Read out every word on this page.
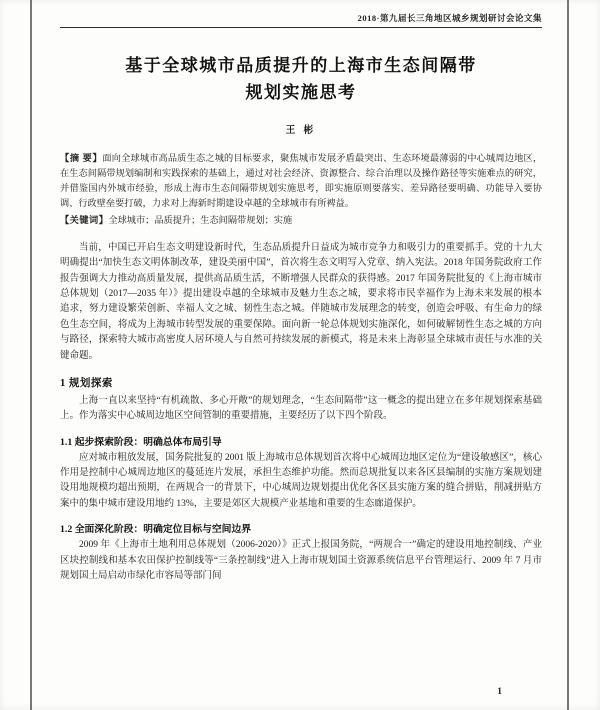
2018·第九届长三角地区城乡规划研讨会论文集
基于全球城市品质提升的上海市生态间隔带
规划实施思考
王 彬

【摘 要】面向全球城市高品质生态之城的目标要求，聚焦城市发展矛盾最突出、生态环境最薄弱的中心城周边地区，在生态间隔带规划编制和实践探索的基础上，通过对社会经济、资源整合、综合治理以及操作路径等实施难点的研究，并借鉴国内外城市经验，形成上海市生态间隔带规划实施思考，即实施原则要落实、差异路径要明确、功能导入要协调、行政壁垒要打破，力求对上海新时期建设卓越的全球城市有所裨益。

【关键词】全球城市；品质提升；生态间隔带规划；实施

当前，中国已开启生态文明建设新时代，生态品质提升日益成为城市竞争力和吸引力的重要抓手。党的十九大明确提出“加快生态文明体制改革，建设美丽中国”，首次将生态文明写入党章、纳入宪法。2018 年国务院政府工作报告强调大力推动高质量发展，提供高品质生活，不断增强人民群众的获得感。2017 年国务院批复的《上海市城市总体规划（2017—2035 年）》提出建设卓越的全球城市及魅力生态之城，要求将市民幸福作为上海未来发展的根本追求，努力建设繁荣创新、幸福人文之城、韧性生态之城。伴随城市发展理念的转变，创造会呼吸、有生命力的绿色生态空间，将成为上海城市转型发展的重要保障。面向新一轮总体规划实施深化，如何破解韧性生态之城的方向与路径，探索特大城市高密度人居环境人与自然可持续发展的新模式，将是未来上海彰显全球城市责任与水准的关键命题。

1 规划探索

上海一直以来坚持“有机疏散、多心开敞”的规划理念，“生态间隔带”这一概念的提出建立在多年规划探索基础上。作为落实中心城周边地区空间管制的重要措施，主要经历了以下四个阶段。

1.1 起步探索阶段：明确总体布局引导

应对城市粗放发展，国务院批复的 2001 版上海城市总体规划首次将中心城周边地区定位为“建设敏感区”，核心作用是控制中心城周边地区的蔓延连片发展，承担生态维护功能。然而总规批复以来各区县编制的实施方案规划建设用地规模均超出预期，在两规合一的背景下，中心城周边规划提出优化各区县实施方案的缝合拼贴，削减拼贴方案中的集中城市建设用地约 13%，主要是郊区大规模产业基地和重要的生态廊道保护。

1.2 全面深化阶段：明确定位目标与空间边界

2009 年《上海市土地利用总体规划（2006-2020）》正式上报国务院，“两规合一”确定的建设用地控制线、产业区块控制线和基本农田保护控制线等“三条控制线”进入上海市规划国土资源系统信息平台管理运行、2009 年 7 月市规划国土局启动市绿化市容局等部门间

1
